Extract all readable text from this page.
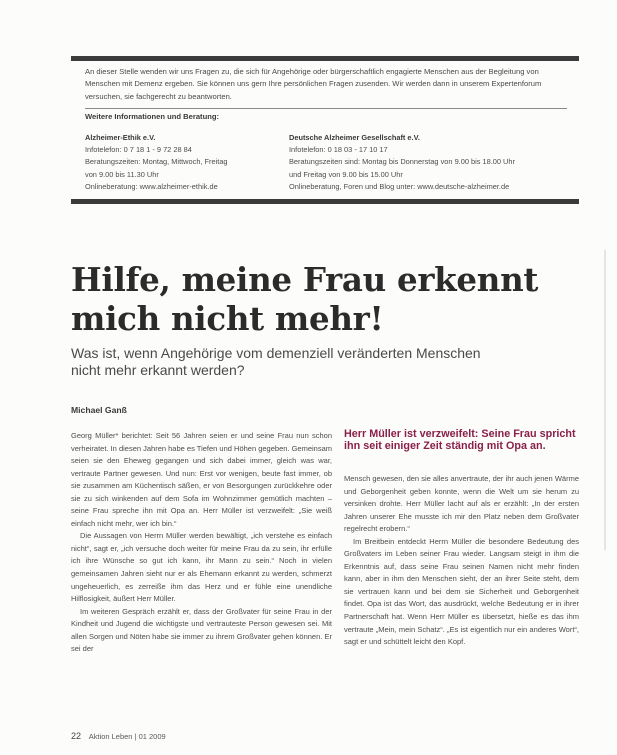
An dieser Stelle wenden wir uns Fragen zu, die sich für Angehörige oder bürgerschaftlich engagierte Menschen aus der Begleitung von Menschen mit Demenz ergeben. Sie können uns gern Ihre persönlichen Fragen zusenden. Wir werden dann in unserem Expertenforum versuchen, sie fachgerecht zu beantworten.

Weitere Informationen und Beratung:

Alzheimer-Ethik e.V.
Infotelefon: 0 7 18 1 - 9 72 28 84
Beratungszeiten: Montag, Mittwoch, Freitag
von 9.00 bis 11.30 Uhr
Onlineberatung: www.alzheimer-ethik.de
Deutsche Alzheimer Gesellschaft e.V.
Infotelefon: 0 18 03 - 17 10 17
Beratungszeiten sind: Montag bis Donnerstag von 9.00 bis 18.00 Uhr
und Freitag von 9.00 bis 15.00 Uhr
Onlineberatung, Foren und Blog unter: www.deutsche-alzheimer.de
Hilfe, meine Frau erkennt mich nicht mehr!

Was ist, wenn Angehörige vom demenziell veränderten Menschen nicht mehr erkannt werden?

Michael Ganß

Georg Müller* berichtet: Seit 56 Jahren seien er und seine Frau nun schon verheiratet. In diesen Jahren habe es Tiefen und Höhen gegeben. Gemeinsam seien sie den Eheweg gegangen und sich dabei immer, gleich was war, vertraute Partner gewesen. Und nun: Erst vor wenigen, beute fast immer, ob sie zusammen am Küchentisch säßen, er von Besorgungen zurückkehre oder sie zu sich winkenden auf dem Sofa im Wohnzimmer gemütlich machten – seine Frau spreche ihn mit Opa an. Herr Müller ist verzweifelt: „Sie weiß einfach nicht mehr, wer ich bin.“

Die Aussagen von Herrn Müller werden bewältigt, „ich verstehe es einfach nicht“, sagt er, „ich versuche doch weiter für meine Frau da zu sein, ihr erfülle ich ihre Wünsche so gut ich kann, ihr Mann zu sein.“ Noch in vielen gemeinsamen Jahren sieht nur er als Ehemann erkannt zu werden, schmerzt ungeheuerlich, es zerreiße ihm das Herz und er fühle eine unendliche Hilflosigkeit, äußert Herr Müller.

Im weiteren Gespräch erzählt er, dass der Großvater für seine Frau in der Kindheit und Jugend die wichtigste und vertrauteste Person gewesen sei. Mit allen Sorgen und Nöten habe sie immer zu ihrem Großvater gehen können. Er sei der

Herr Müller ist verzweifelt: Seine Frau spricht ihn seit einiger Zeit ständig mit Opa an.

Mensch gewesen, den sie alles anvertraute, der ihr auch jenen Wärme und Geborgenheit geben konnte, wenn die Welt um sie herum zu versinken drohte. Herr Müller lacht auf als er erzählt: „In der ersten Jahren unserer Ehe musste ich mir den Platz neben dem Großvater regelrecht erobern.“

Im Breitbein entdeckt Herrn Müller die besondere Bedeutung des Großvaters im Leben seiner Frau wieder. Langsam steigt in ihm die Erkenntnis auf, dass seine Frau seinen Namen nicht mehr finden kann, aber in ihm den Menschen sieht, der an ihrer Seite steht, dem sie vertrauen kann und bei dem sie Sicherheit und Geborgenheit findet. Opa ist das Wort, das ausdrückt, welche Bedeutung er in ihrer Partnerschaft hat. Wenn Herr Müller es übersetzt, hieße es das ihm vertraute „Mein, mein Schatz“. „Es ist eigentlich nur ein anderes Wort“, sagt er und schüttelt leicht den Kopf.

22 Aktion Leben | 01 2009
